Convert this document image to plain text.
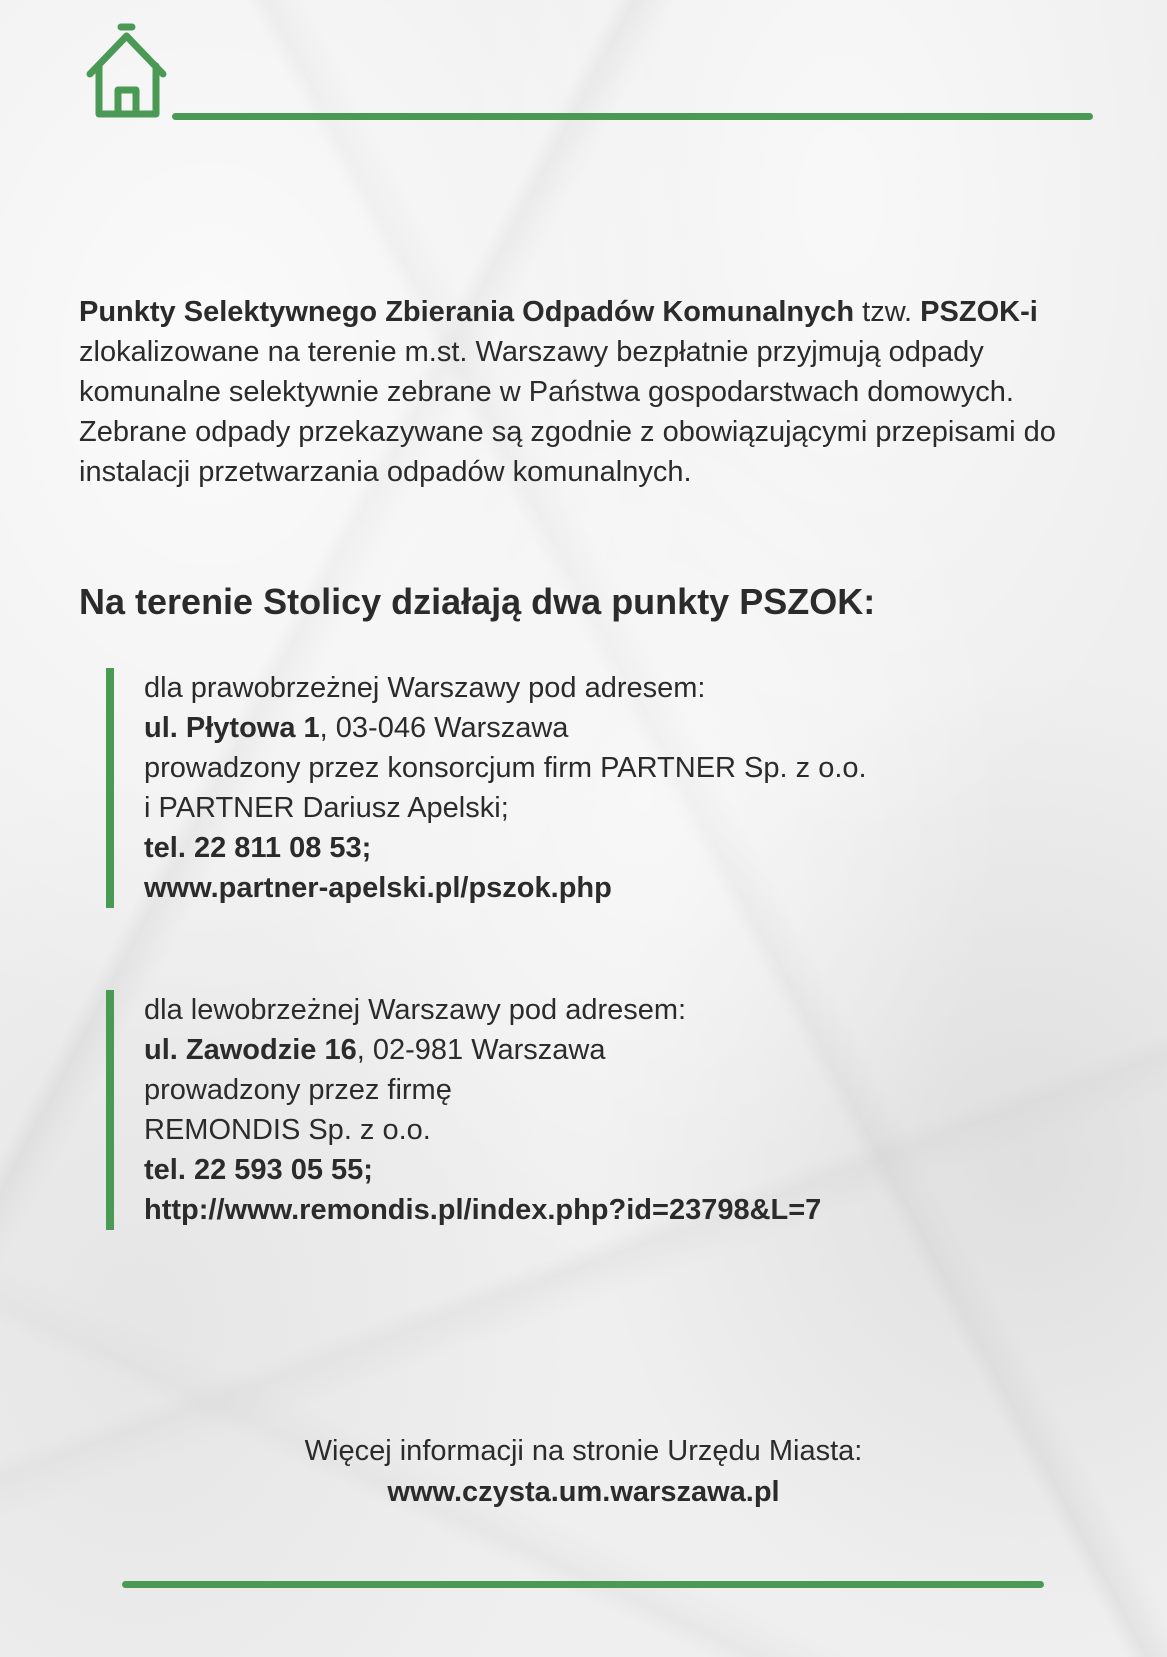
Punkty Selektywnego Zbierania Odpadów Komunalnych tzw. PSZOK-i zlokalizowane na terenie m.st. Warszawy bezpłatnie przyjmują odpady komunalne selektywnie zebrane w Państwa gospodarstwach domowych. Zebrane odpady przekazywane są zgodnie z obowiązującymi przepisami do instalacji przetwarzania odpadów komunalnych.

Na terenie Stolicy działają dwa punkty PSZOK:
dla prawobrzeżnej Warszawy pod adresem:
ul. Płytowa 1, 03-046 Warszawa
prowadzony przez konsorcjum firm PARTNER Sp. z o.o.
i PARTNER Dariusz Apelski;
tel. 22 811 08 53;
www.partner-apelski.pl/pszok.php
dla lewobrzeżnej Warszawy pod adresem:
ul. Zawodzie 16, 02-981 Warszawa
prowadzony przez firmę
REMONDIS Sp. z o.o.
tel. 22 593 05 55;
http://www.remondis.pl/index.php?id=23798&L=7
Więcej informacji na stronie Urzędu Miasta:
www.czysta.um.warszawa.pl
